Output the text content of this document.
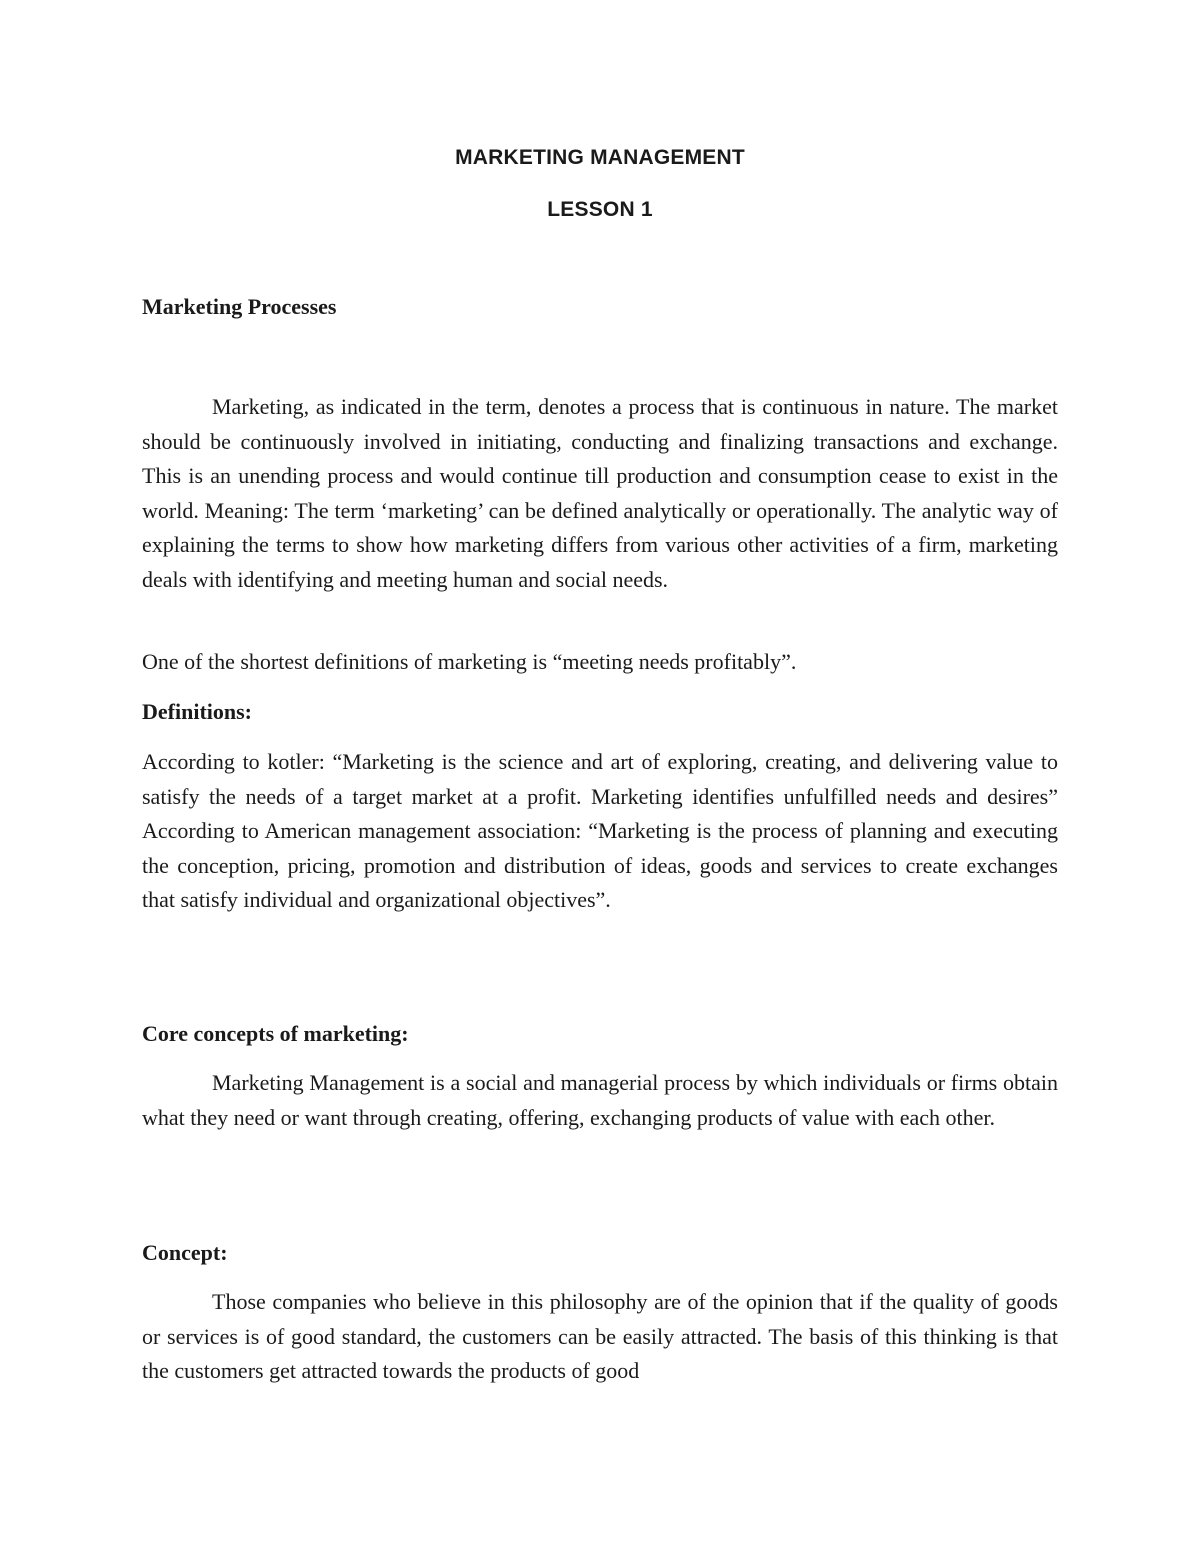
MARKETING MANAGEMENT
LESSON 1
Marketing Processes

Marketing, as indicated in the term, denotes a process that is continuous in nature. The market should be continuously involved in initiating, conducting and finalizing transactions and exchange. This is an unending process and would continue till production and consumption cease to exist in the world. Meaning: The term ‘marketing’ can be defined analytically or operationally. The analytic way of explaining the terms to show how marketing differs from various other activities of a firm, marketing deals with identifying and meeting human and social needs.

One of the shortest definitions of marketing is “meeting needs profitably”.

Definitions:

According to kotler: “Marketing is the science and art of exploring, creating, and delivering value to satisfy the needs of a target market at a profit. Marketing identifies unfulfilled needs and desires” According to American management association: “Marketing is the process of planning and executing the conception, pricing, promotion and distribution of ideas, goods and services to create exchanges that satisfy individual and organizational objectives”.

Core concepts of marketing:

Marketing Management is a social and managerial process by which individuals or firms obtain what they need or want through creating, offering, exchanging products of value with each other.

Concept:

Those companies who believe in this philosophy are of the opinion that if the quality of goods or services is of good standard, the customers can be easily attracted. The basis of this thinking is that the customers get attracted towards the products of good
